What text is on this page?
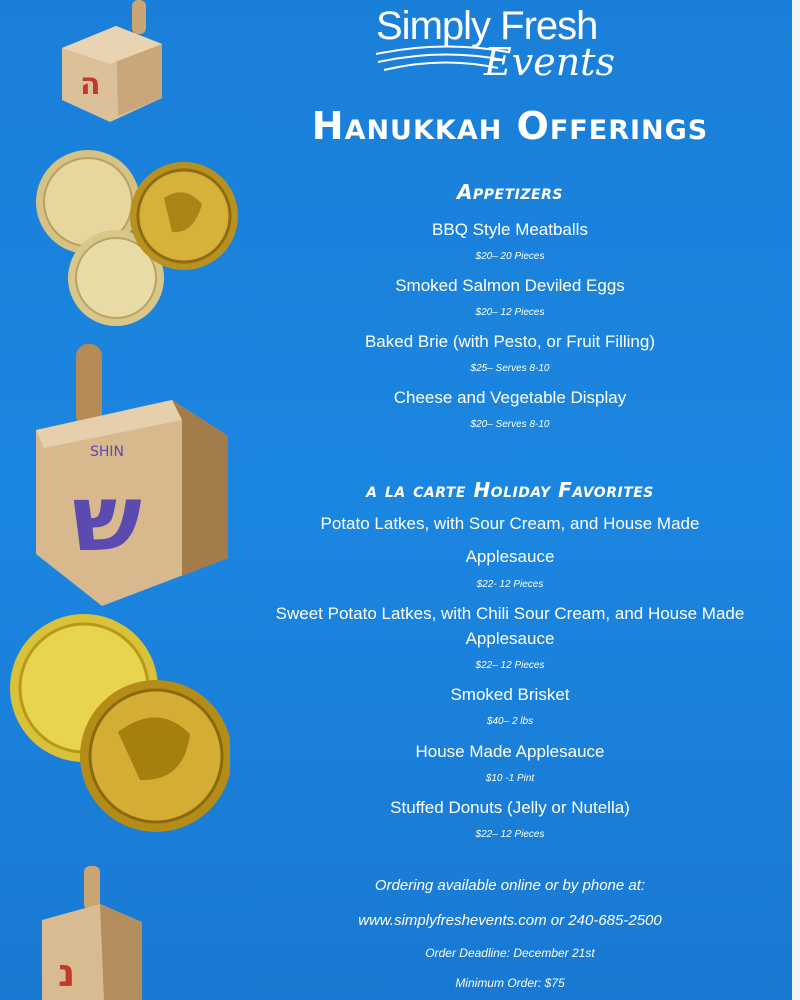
ה
SHIN
ש
נ
Simply Fresh
Events
Hanukkah Offerings
Appetizers
BBQ Style Meatballs
$20– 20 Pieces
Smoked Salmon Deviled Eggs
$20– 12 Pieces
Baked Brie (with Pesto, or Fruit Filling)
$25– Serves 8-10
Cheese and Vegetable Display
$20– Serves 8-10
a la carte Holiday Favorites
Potato Latkes, with Sour Cream, and House Made
Applesauce
$22- 12 Pieces
Sweet Potato Latkes, with Chili Sour Cream, and House Made
Applesauce
$22– 12 Pieces
Smoked Brisket
$40– 2 lbs
House Made Applesauce
$10 -1 Pint
Stuffed Donuts (Jelly or Nutella)
$22– 12 Pieces
Ordering available online or by phone at:
www.simplyfreshevents.com or 240-685-2500
Order Deadline: December 21st
Minimum Order: $75
